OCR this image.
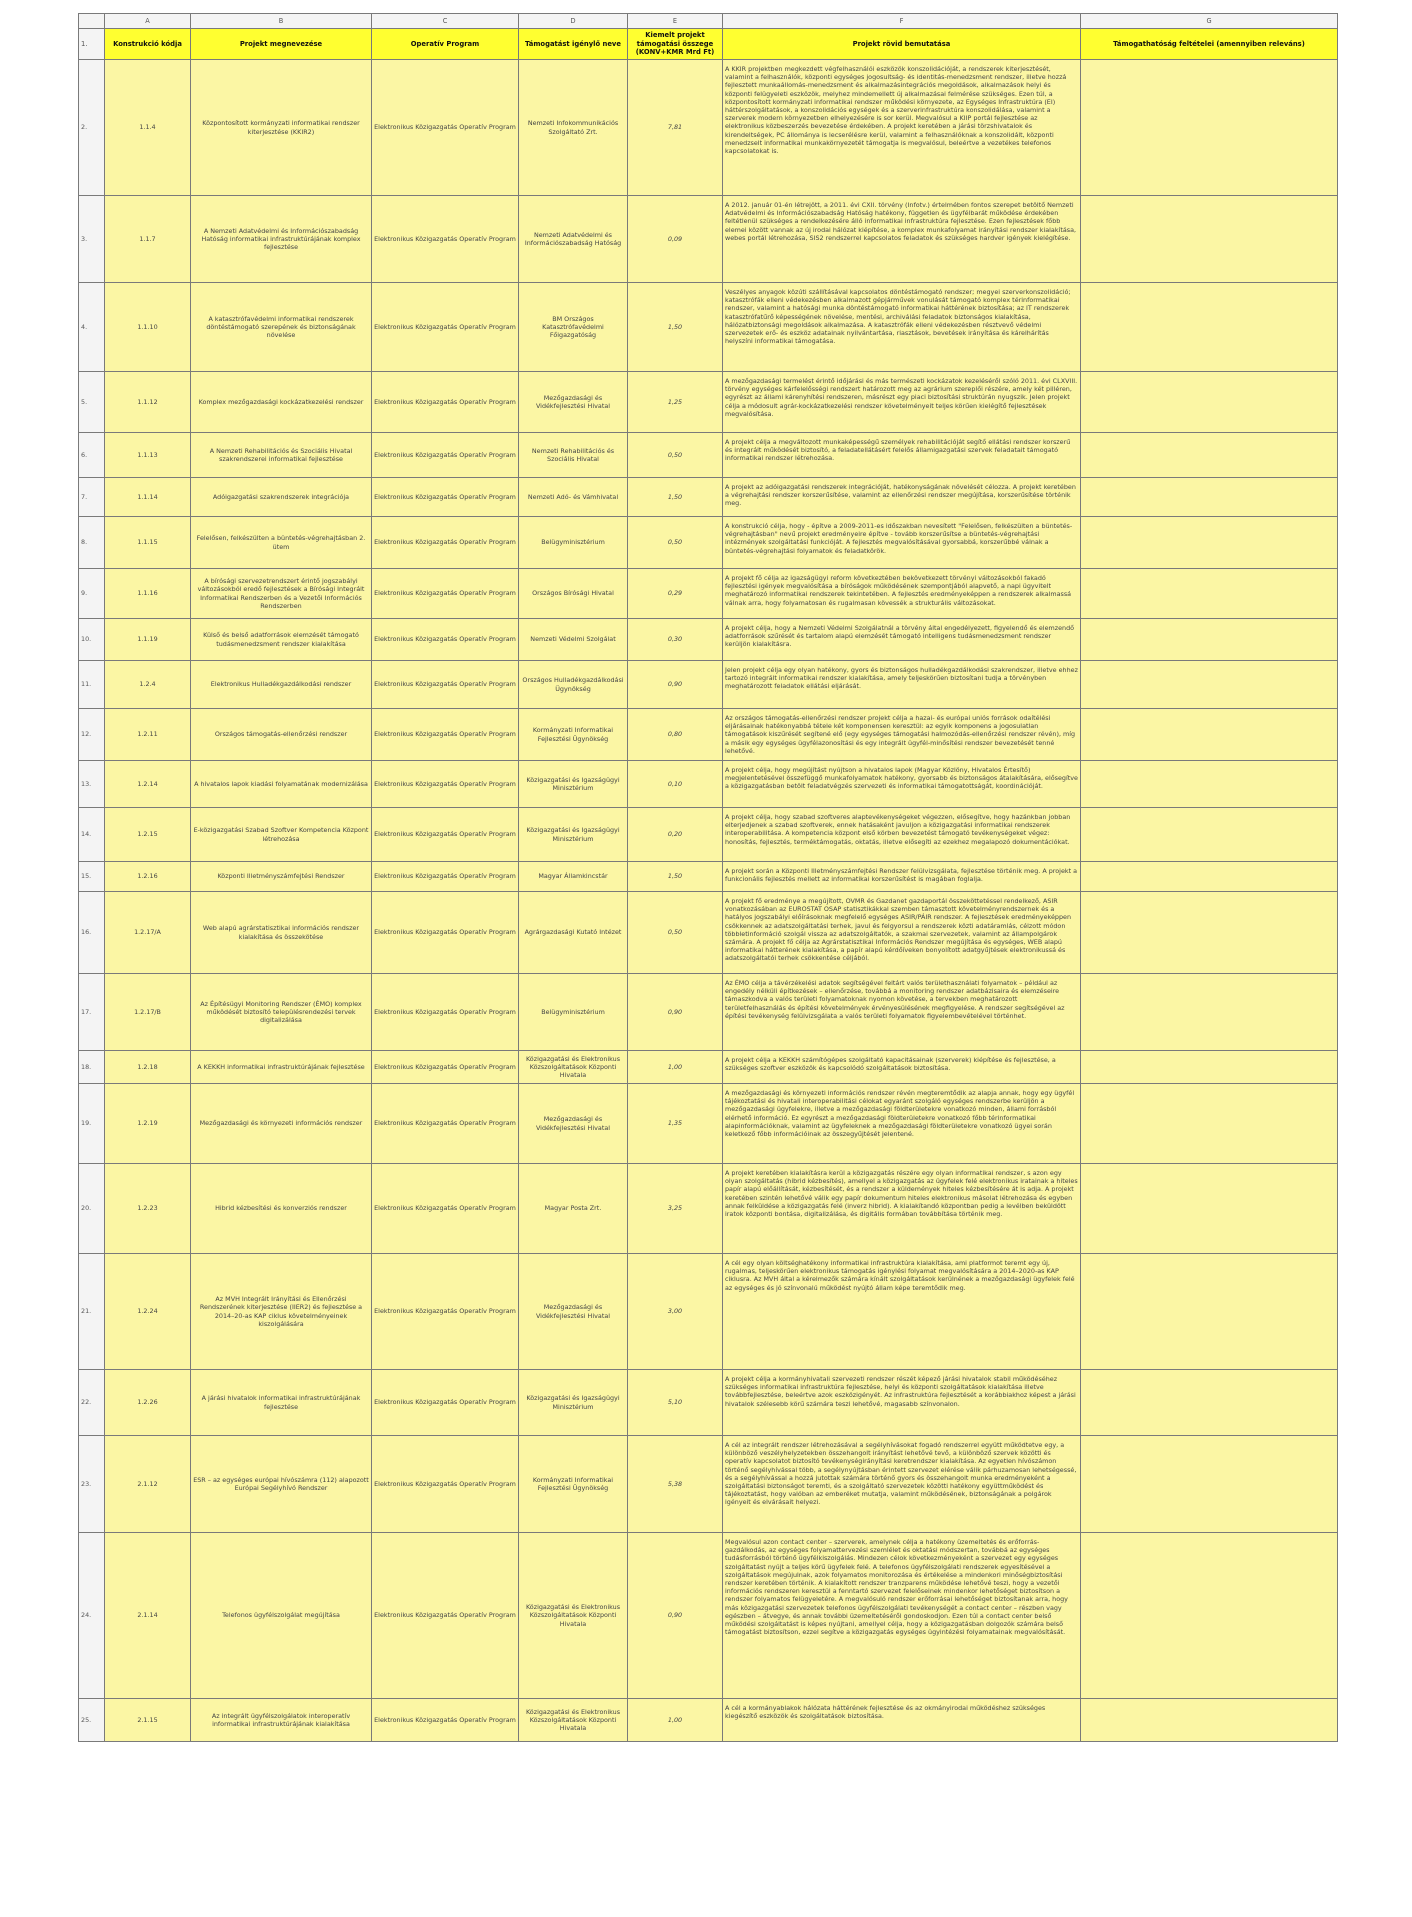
	A	B	C	D	E	F	G
1.	Konstrukció kódja	Projekt megnevezése	Operatív Program	Támogatást igénylő neve	Kiemelt projekt támogatási összege (KONV+KMR Mrd Ft)	Projekt rövid bemutatása	Támogathatóság feltételei (amennyiben releváns)
2.	1.1.4	Központosított kormányzati informatikai rendszer kiterjesztése (KKIR2)	Elektronikus Közigazgatás Operatív Program	Nemzeti Infokommunikációs Szolgáltató Zrt.	7,81	A KKIR projektben megkezdett végfelhasználói eszközök konszolidációját, a rendszerek kiterjesztését, valamint a felhasználók, központi egységes jogosultság- és identitás-menedzsment rendszer, illetve hozzá fejlesztett munkaállomás-menedzsment és alkalmazásintegrációs megoldások, alkalmazások helyi és központi felügyeleti eszközök, melyhez mindemellett új alkalmazásai felmérése szükséges. Ezen túl, a központosított kormányzati informatikai rendszer működési környezete, az Egységes Infrastruktúra (EI) háttérszolgáltatások, a konszolidációs egységek és a szerverinfrastruktúra konszolidálása, valamint a szerverek modern környezetben elhelyezésére is sor kerül. Megvalósul a KIIP portál fejlesztése az elektronikus közbeszerzés bevezetése érdekében. A projekt keretében a járási törzshivatalok és kirendeltségek, PC állománya is lecserélésre kerül, valamint a felhasználóknak a konszolidált, központi menedzselt informatikai munkakörnyezetét támogatja is megvalósul, beleértve a vezetékes telefonos kapcsolatokat is.	
3.	1.1.7	A Nemzeti Adatvédelmi és Információszabadság Hatóság informatikai infrastruktúrájának komplex fejlesztése	Elektronikus Közigazgatás Operatív Program	Nemzeti Adatvédelmi és Információszabadság Hatóság	0,09	A 2012. január 01-én létrejött, a 2011. évi CXII. törvény (Infotv.) értelmében fontos szerepet betöltő Nemzeti Adatvédelmi és Információszabadság Hatóság hatékony, független és ügyfélbarát működése érdekében feltétlenül szükséges a rendelkezésére álló informatikai infrastruktúra fejlesztése. Ezen fejlesztések főbb elemei között vannak az új irodai hálózat kiépítése, a komplex munkafolyamat irányítási rendszer kialakítása, webes portál létrehozása, SIS2 rendszerrel kapcsolatos feladatok és szükséges hardver igények kielégítése.	
4.	1.1.10	A katasztrófavédelmi informatikai rendszerek döntéstámogató szerepének és biztonságának növelése	Elektronikus Közigazgatás Operatív Program	BM Országos Katasztrófavédelmi Főigazgatóság	1,50	Veszélyes anyagok közúti szállításával kapcsolatos döntéstámogató rendszer; megyei szerverkonszolidáció; katasztrófák elleni védekezésben alkalmazott gépjárművek vonulását támogató komplex térinformatikai rendszer, valamint a hatósági munka döntéstámogató informatikai háttérének biztosítása; az IT rendszerek katasztrófatűrő képességének növelése, mentési, archiválási feladatok biztonságos kialakítása, hálózatbiztonsági megoldások alkalmazása. A katasztrófák elleni védekezésben résztvevő védelmi szervezetek erő- és eszköz adatainak nyilvántartása, riasztások, bevetések irányítása és kárelhárítás helyszíni informatikai támogatása.	
5.	1.1.12	Komplex mezőgazdasági kockázatkezelési rendszer	Elektronikus Közigazgatás Operatív Program	Mezőgazdasági és Vidékfejlesztési Hivatal	1,25	A mezőgazdasági termelést érintő időjárási és más természeti kockázatok kezeléséről szóló 2011. évi CLXVIII. törvény egységes kárfelelősségi rendszert határozott meg az agrárium szereplői részére, amely két pilléren, egyrészt az állami kárenyhítési rendszeren, másrészt egy piaci biztosítási struktúrán nyugszik. Jelen projekt célja a módosult agrár-kockázatkezelési rendszer követelményeit teljes körűen kielégítő fejlesztések megvalósítása.	
6.	1.1.13	A Nemzeti Rehabilitációs és Szociális Hivatal szakrendszerei informatikai fejlesztése	Elektronikus Közigazgatás Operatív Program	Nemzeti Rehabilitációs és Szociális Hivatal	0,50	A projekt célja a megváltozott munkaképességű személyek rehabilitációját segítő ellátási rendszer korszerű és integrált működését biztosító, a feladatellátásért felelős államigazgatási szervek feladatait támogató informatikai rendszer létrehozása.	
7.	1.1.14	Adóigazgatási szakrendszerek integrációja	Elektronikus Közigazgatás Operatív Program	Nemzeti Adó- és Vámhivatal	1,50	A projekt az adóigazgatási rendszerek integrációját, hatékonyságának növelését célozza. A projekt keretében a végrehajtási rendszer korszerűsítése, valamint az ellenőrzési rendszer megújítása, korszerűsítése történik meg.	
8.	1.1.15	Felelősen, felkészülten a büntetés-végrehajtásban 2. ütem	Elektronikus Közigazgatás Operatív Program	Belügyminisztérium	0,50	A konstrukció célja, hogy - építve a 2009-2011-es időszakban nevesített "Felelősen, felkészülten a büntetés-végrehajtásban" nevű projekt eredményeire építve - tovább korszerűsítse a büntetés-végrehajtási intézmények szolgáltatási funkcióját. A fejlesztés megvalósításával gyorsabbá, korszerűbbé válnak a büntetés-végrehajtási folyamatok és feladatkörök.	
9.	1.1.16	A bírósági szervezetrendszert érintő jogszabályi változásokból eredő fejlesztések a Bírósági Integrált Informatikai Rendszerben és a Vezetői Információs Rendszerben	Elektronikus Közigazgatás Operatív Program	Országos Bírósági Hivatal	0,29	A projekt fő célja az igazságügyi reform következtében bekövetkezett törvényi változásokból fakadó fejlesztési igények megvalósítása a bíróságok működésének szempontjából alapvető, a napi ügyvitelt meghatározó informatikai rendszerek tekintetében. A fejlesztés eredményeképpen a rendszerek alkalmassá válnak arra, hogy folyamatosan és rugalmasan kövessék a strukturális változásokat.	
10.	1.1.19	Külső és belső adatforrások elemzését támogató tudásmenedzsment rendszer kialakítása	Elektronikus Közigazgatás Operatív Program	Nemzeti Védelmi Szolgálat	0,30	A projekt célja, hogy a Nemzeti Védelmi Szolgálatnál a törvény által engedélyezett, figyelendő és elemzendő adatforrások szűrését és tartalom alapú elemzését támogató intelligens tudásmenedzsment rendszer kerüljön kialakításra.	
11.	1.2.4	Elektronikus Hulladékgazdálkodási rendszer	Elektronikus Közigazgatás Operatív Program	Országos Hulladékgazdálkodási Ügynökség	0,90	Jelen projekt célja egy olyan hatékony, gyors és biztonságos hulladékgazdálkodási szakrendszer, illetve ehhez tartozó integrált informatikai rendszer kialakítása, amely teljeskörűen biztosítani tudja a törvényben meghatározott feladatok ellátási eljárását.	
12.	1.2.11	Országos támogatás-ellenőrzési rendszer	Elektronikus Közigazgatás Operatív Program	Kormányzati Informatikai Fejlesztési Ügynökség	0,80	Az országos támogatás-ellenőrzési rendszer projekt célja a hazai- és európai uniós források odaítélési eljárásainak hatékonyabbá tétele két komponensen keresztül: az egyik komponens a jogosulatlan támogatások kiszűrését segítené elő (egy egységes támogatási halmozódás-ellenőrzési rendszer révén), míg a másik egy egységes ügyfélazonosítási és egy integrált ügyfél-minősítési rendszer bevezetését tenné lehetővé.	
13.	1.2.14	A hivatalos lapok kiadási folyamatának modernizálása	Elektronikus Közigazgatás Operatív Program	Közigazgatási és Igazságügyi Minisztérium	0,10	A projekt célja, hogy megújítást nyújtson a hivatalos lapok (Magyar Közlöny, Hivatalos Értesítő) megjelentetésével összefüggő munkafolyamatok hatékony, gyorsabb és biztonságos átalakítására, elősegítve a közigazgatásban betölt feladatvégzés szervezeti és informatikai támogatottságát, koordinációját.	
14.	1.2.15	E-közigazgatási Szabad Szoftver Kompetencia Központ létrehozása	Elektronikus Közigazgatás Operatív Program	Közigazgatási és Igazságügyi Minisztérium	0,20	A projekt célja, hogy szabad szoftveres alaptevékenységeket végezzen, elősegítve, hogy hazánkban jobban elterjedjenek a szabad szoftverek, ennek hatásaként javuljon a közigazgatási informatikai rendszerek interoperabilitása. A kompetencia központ első körben bevezetést támogató tevékenységeket végez: honosítás, fejlesztés, terméktámogatás, oktatás, illetve elősegíti az ezekhez megalapozó dokumentációkat.	
15.	1.2.16	Központi Illetményszámfejtési Rendszer	Elektronikus Közigazgatás Operatív Program	Magyar Államkincstár	1,50	A projekt során a Központi Illetményszámfejtési Rendszer felülvizsgálata, fejlesztése történik meg. A projekt a funkcionális fejlesztés mellett az informatikai korszerűsítést is magában foglalja.	
16.	1.2.17/A	Web alapú agrárstatisztikai információs rendszer kialakítása és összekötése	Elektronikus Közigazgatás Operatív Program	Agrárgazdasági Kutató Intézet	0,50	A projekt fő eredménye a megújított, OVMR és Gazdanet gazdaportál összeköttetéssel rendelkező, ASIR vonatkozásában az EUROSTAT OSAP statisztikákkal szemben támasztott követelményrendszernek és a hatályos jogszabályi előírásoknak megfelelő egységes ASIR/PÁIR rendszer. A fejlesztések eredményeképpen csökkennek az adatszolgáltatási terhek, javul és felgyorsul a rendszerek közti adatáramlás, célzott módon többletinformáció szolgál vissza az adatszolgáltatók, a szakmai szervezetek, valamint az állampolgárok számára. A projekt fő célja az Agrárstatisztikai Információs Rendszer megújítása és egységes, WEB alapú informatikai hátterének kialakítása, a papír alapú kérdőíveken bonyolított adatgyűjtések elektronikussá és adatszolgáltatói terhek csökkentése céljából.	
17.	1.2.17/B	Az Építésügyi Monitoring Rendszer (ÉMO) komplex működését biztosító településrendezési tervek digitalizálása	Elektronikus Közigazgatás Operatív Program	Belügyminisztérium	0,90	Az ÉMO célja a távérzékelési adatok segítségével feltárt valós területhasználati folyamatok – például az engedély nélküli építkezések – ellenőrzése, továbbá a monitoring rendszer adatbázisaira és elemzéseire támaszkodva a valós területi folyamatoknak nyomon követése, a tervekben meghatározott területfelhasználás és építési követelmények érvényesülésének megfigyelése. A rendszer segítségével az építési tevékenység felülvizsgálata a valós területi folyamatok figyelembevételével történhet.	
18.	1.2.18	A KEKKH informatikai infrastruktúrájának fejlesztése	Elektronikus Közigazgatás Operatív Program	Közigazgatási és Elektronikus Közszolgáltatások Központi Hivatala	1,00	A projekt célja a KEKKH számítógépes szolgáltató kapacitásainak (szerverek) kiépítése és fejlesztése, a szükséges szoftver eszközök és kapcsolódó szolgáltatások biztosítása.	
19.	1.2.19	Mezőgazdasági és környezeti információs rendszer	Elektronikus Közigazgatás Operatív Program	Mezőgazdasági és Vidékfejlesztési Hivatal	1,35	A mezőgazdasági és környezeti információs rendszer révén megteremtődik az alapja annak, hogy egy ügyfél tájékoztatási és hivatali interoperabilitási célokat egyaránt szolgáló egységes rendszerbe kerüljön a mezőgazdasági ügyfelekre, illetve a mezőgazdasági földterületekre vonatkozó minden, állami forrásból elérhető információ. Ez egyrészt a mezőgazdasági földterületekre vonatkozó főbb térinformatikai alapinformációknak, valamint az ügyfeleknek a mezőgazdasági földterületekre vonatkozó ügyei során keletkező főbb információinak az összegyűjtését jelentené.	
20.	1.2.23	Hibrid kézbesítési és konverziós rendszer	Elektronikus Közigazgatás Operatív Program	Magyar Posta Zrt.	3,25	A projekt keretében kialakításra kerül a közigazgatás részére egy olyan informatikai rendszer, s azon egy olyan szolgáltatás (hibrid kézbesítés), amellyel a közigazgatás az ügyfelek felé elektronikus iratainak a hiteles papír alapú előállítását, kézbesítését, és a rendszer a küldemények hiteles kézbesítésére át is adja. A projekt keretében szintén lehetővé válik egy papír dokumentum hiteles elektronikus másolat létrehozása és egyben annak felküldése a közigazgatás felé (inverz hibrid). A kialakítandó központban pedig a levélben beküldött iratok központi bontása, digitalizálása, és digitális formában továbbítása történik meg.	
21.	1.2.24	Az MVH Integrált Irányítási és Ellenőrzési Rendszerének kiterjesztése (IIER2) és fejlesztése a 2014–20-as KAP ciklus követelményeinek kiszolgálására	Elektronikus Közigazgatás Operatív Program	Mezőgazdasági és Vidékfejlesztési Hivatal	3,00	A cél egy olyan költséghatékony informatikai infrastruktúra kialakítása, ami platformot teremt egy új, rugalmas, teljeskörűen elektronikus támogatás igénylési folyamat megvalósítására a 2014–2020-as KAP ciklusra. Az MVH által a kérelmezők számára kínált szolgáltatások kerülnének a mezőgazdasági ügyfelek felé az egységes és jó színvonalú működést nyújtó állam képe teremtődik meg.	
22.	1.2.26	A járási hivatalok informatikai infrastruktúrájának fejlesztése	Elektronikus Közigazgatás Operatív Program	Közigazgatási és Igazságügyi Minisztérium	5,10	A projekt célja a kormányhivatali szervezeti rendszer részét képező járási hivatalok stabil működéséhez szükséges informatikai infrastruktúra fejlesztése, helyi és központi szolgáltatások kialakítása illetve továbbfejlesztése, beleértve azok eszközigényét. Az infrastruktúra fejlesztését a korábbiakhoz képest a járási hivatalok szélesebb körű számára teszi lehetővé, magasabb színvonalon.	
23.	2.1.12	ESR – az egységes európai hívószámra (112) alapozott Európai Segélyhívó Rendszer	Elektronikus Közigazgatás Operatív Program	Kormányzati Informatikai Fejlesztési Ügynökség	5,38	A cél az integrált rendszer létrehozásával a segélyhívásokat fogadó rendszerrel együtt működtetve egy, a különböző veszélyhelyzetekben összehangolt irányítást lehetővé tevő, a különböző szervek közötti és operatív kapcsolatot biztosító tevékenységirányítási keretrendszer kialakítása. Az egyetlen hívószámon történő segélyhívással több, a segélynyújtásban érintett szervezet elérése válik párhuzamosan lehetségessé, és a segélyhívással a hozzá jutottak számára történő gyors és összehangolt munka eredményeként a szolgáltatási biztonságot teremti, és a szolgáltató szervezetek közötti hatékony együttműködést és tájékoztatást, hogy valóban az emberéket mutatja, valamint működésének, biztonságának a polgárok igényeit és elvárásait helyezi.	
24.	2.1.14	Telefonos ügyfélszolgálat megújítása	Elektronikus Közigazgatás Operatív Program	Közigazgatási és Elektronikus Közszolgáltatások Központi Hivatala	0,90	Megvalósul azon contact center – szerverek, amelynek célja a hatékony üzemeltetés és erőforrás-gazdálkodás, az egységes folyamattervezési szemlélet és oktatási módszertan, továbbá az egységes tudásforrásból történő ügyfélkiszolgálás. Mindezen célok következményeként a szervezet egy egységes szolgáltatást nyújt a teljes körű ügyfelek felé. A telefonos ügyfélszolgálati rendszerek egyesítésével a szolgáltatások megújulnak, azok folyamatos monitorozása és értékelése a mindenkori minőségbiztosítási rendszer keretében történik. A kialakított rendszer tranzparens működése lehetővé teszi, hogy a vezetői információs rendszeren keresztül a fenntartó szervezet felelőseinek mindenkor lehetőséget biztosítson a rendszer folyamatos felügyeletére. A megvalósuló rendszer erőforrásai lehetőséget biztosítanak arra, hogy más közigazgatási szervezetek telefonos ügyfélszolgálati tevékenységét a contact center – részben vagy egészben – átvegye, és annak további üzemeltetéséről gondoskodjon. Ezen túl a contact center belső működési szolgáltatást is képes nyújtani, amellyel célja, hogy a közigazgatásban dolgozók számára belső támogatást biztosítson, ezzel segítve a közigazgatás egységes ügyintézési folyamatainak megvalósítását.	
25.	2.1.15	Az integrált ügyfélszolgálatok interoperatív informatikai infrastruktúrájának kialakítása	Elektronikus Közigazgatás Operatív Program	Közigazgatási és Elektronikus Közszolgáltatások Központi Hivatala	1,00	A cél a kormányablakok hálózata háttérének fejlesztése és az okmányirodai működéshez szükséges kiegészítő eszközök és szolgáltatások biztosítása.	
